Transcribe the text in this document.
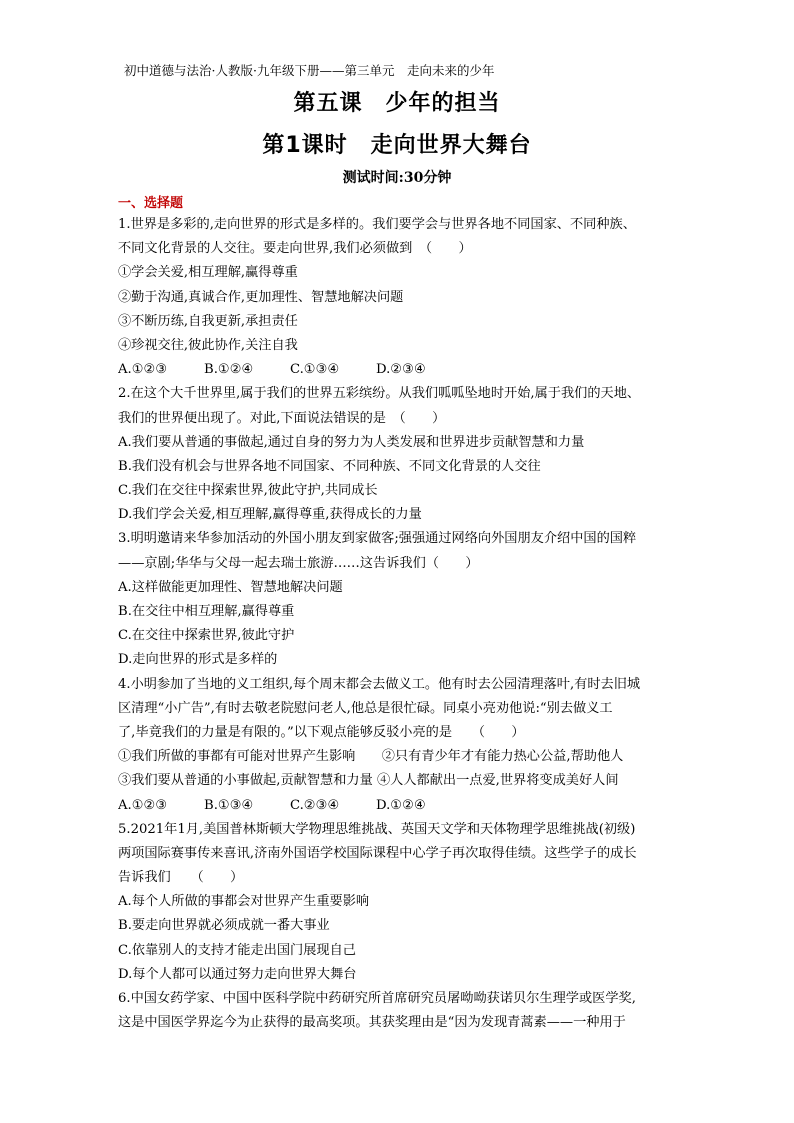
初中道德与法治·人教版·九年级下册——第三单元　走向未来的少年
第五课　少年的担当
第1课时　走向世界大舞台
测试时间:30分钟
一、选择题
1.世界是多彩的,走向世界的形式是多样的。我们要学会与世界各地不同国家、不同种族、
不同文化背景的人交往。要走向世界,我们必须做到　（　　）
①学会关爱,相互理解,赢得尊重
②勤于沟通,真诚合作,更加理性、智慧地解决问题
③不断历练,自我更新,承担责任
④珍视交往,彼此协作,关注自我
A.①②③	B.①②④	C.①③④	D.②③④
2.在这个大千世界里,属于我们的世界五彩缤纷。从我们呱呱坠地时开始,属于我们的天地、
我们的世界便出现了。对此,下面说法错误的是　（　　）
A.我们要从普通的事做起,通过自身的努力为人类发展和世界进步贡献智慧和力量
B.我们没有机会与世界各地不同国家、不同种族、不同文化背景的人交往
C.我们在交往中探索世界,彼此守护,共同成长
D.我们学会关爱,相互理解,赢得尊重,获得成长的力量
3.明明邀请来华参加活动的外国小朋友到家做客;强强通过网络向外国朋友介绍中国的国粹
——京剧;华华与父母一起去瑞士旅游……这告诉我们（　　）
A.这样做能更加理性、智慧地解决问题
B.在交往中相互理解,赢得尊重
C.在交往中探索世界,彼此守护
D.走向世界的形式是多样的
4.小明参加了当地的义工组织,每个周末都会去做义工。他有时去公园清理落叶,有时去旧城
区清理“小广告”,有时去敬老院慰问老人,他总是很忙碌。同桌小亮劝他说:“别去做义工
了,毕竟我们的力量是有限的。”以下观点能够反驳小亮的是　　（　　）
①我们所做的事都有可能对世界产生影响　　②只有青少年才有能力热心公益,帮助他人
③我们要从普通的小事做起,贡献智慧和力量 ④人人都献出一点爱,世界将变成美好人间
A.①②③	B.①③④	C.②③④	D.①②④
5.2021年1月,美国普林斯顿大学物理思维挑战、英国天文学和天体物理学思维挑战(初级)
两项国际赛事传来喜讯,济南外国语学校国际课程中心学子再次取得佳绩。这些学子的成长
告诉我们　　（　　）
A.每个人所做的事都会对世界产生重要影响
B.要走向世界就必须成就一番大事业
C.依靠别人的支持才能走出国门展现自己
D.每个人都可以通过努力走向世界大舞台
6.中国女药学家、中国中医科学院中药研究所首席研究员屠呦呦获诺贝尔生理学或医学奖,
这是中国医学界迄今为止获得的最高奖项。其获奖理由是“因为发现青蒿素——一种用于
